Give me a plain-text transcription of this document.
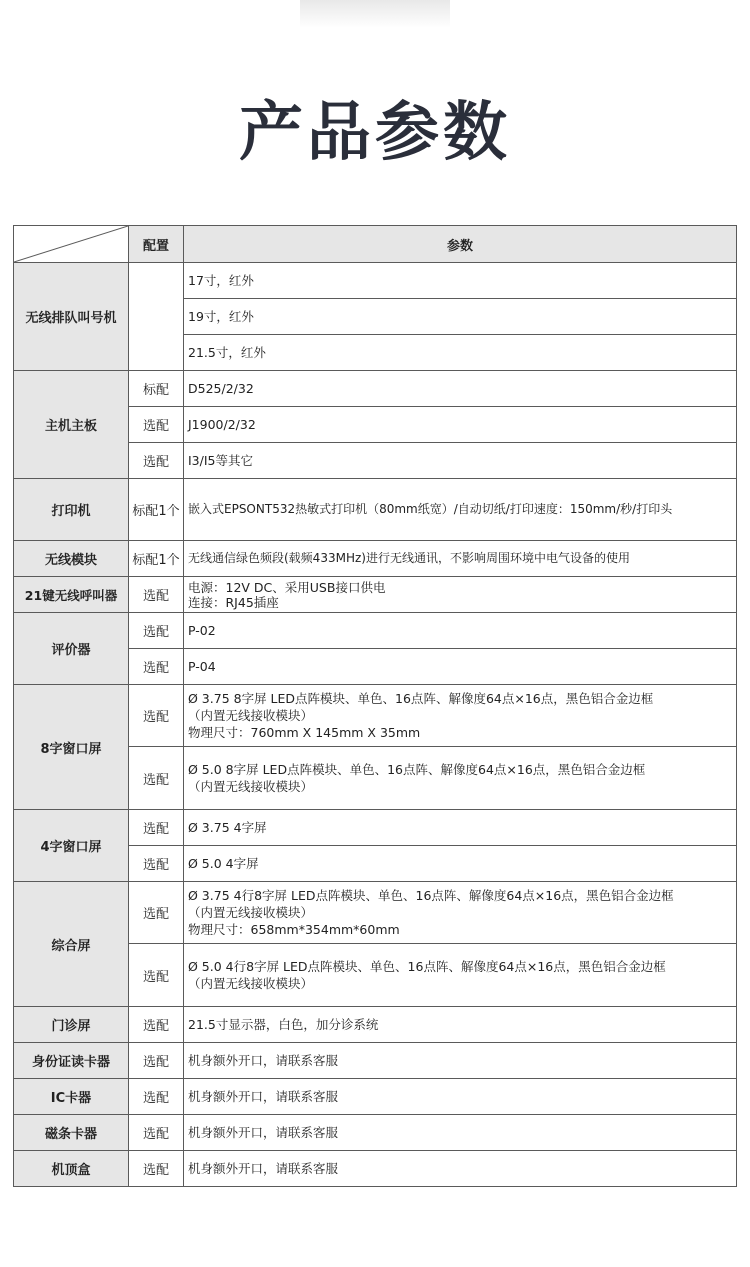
产品参数
	配置	参数
无线排队叫号机		17寸，红外
		19寸，红外
		21.5寸，红外
主机主板	标配	D525/2/32
	选配	J1900/2/32
	选配	I3/I5等其它
打印机	标配1个	嵌入式EPSONT532热敏式打印机（80mm纸宽）/自动切纸/打印速度：150mm/秒/打印头
无线模块	标配1个	无线通信绿色频段(载频433MHz)进行无线通讯，不影响周围环境中电气设备的使用
21键无线呼叫器	选配	电源：12V DC、采用USB接口供电
连接：RJ45插座

评价器	选配	P-02
	选配	P-04
8字窗口屏	选配	Ø 3.75 8字屏 LED点阵模块、单色、16点阵、解像度64点×16点，黑色铝合金边框
（内置无线接收模块）
物理尺寸：760mm X 145mm X 35mm

	选配	Ø 5.0 8字屏 LED点阵模块、单色、16点阵、解像度64点×16点，黑色铝合金边框
（内置无线接收模块）

4字窗口屏	选配	Ø 3.75 4字屏
	选配	Ø 5.0 4字屏
综合屏	选配	Ø 3.75 4行8字屏 LED点阵模块、单色、16点阵、解像度64点×16点，黑色铝合金边框
（内置无线接收模块）
物理尺寸：658mm*354mm*60mm

	选配	Ø 5.0 4行8字屏 LED点阵模块、单色、16点阵、解像度64点×16点，黑色铝合金边框
（内置无线接收模块）

门诊屏	选配	21.5寸显示器，白色，加分诊系统
身份证读卡器	选配	机身额外开口，请联系客服
IC卡器	选配	机身额外开口，请联系客服
磁条卡器	选配	机身额外开口，请联系客服
机顶盒	选配	机身额外开口，请联系客服
